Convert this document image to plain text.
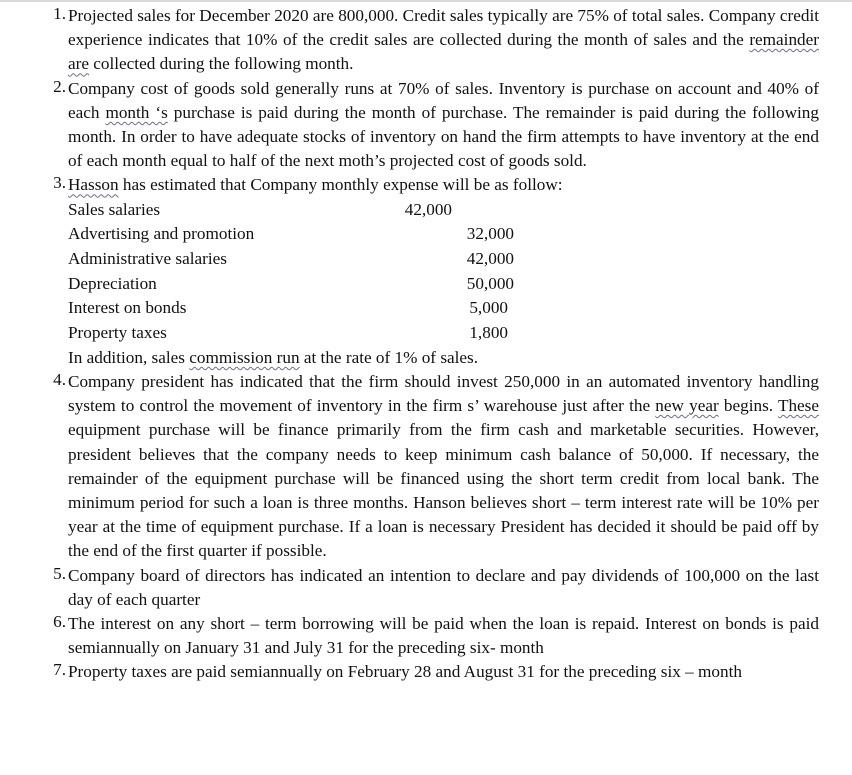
1. Projected sales for December 2020 are 800,000. Credit sales typically are 75% of total sales. Company credit experience indicates that 10% of the credit sales are collected during the month of sales and the remainder are collected during the following month.

2. Company cost of goods sold generally runs at 70% of sales. Inventory is purchase on account and 40% of each month ‘s purchase is paid during the month of purchase. The remainder is paid during the following month. In order to have adequate stocks of inventory on hand the firm attempts to have inventory at the end of each month equal to half of the next moth’s projected cost of goods sold.

3. Hasson has estimated that Company monthly expense will be as follow:

Sales salaries	42,000
Advertising and promotion	32,000
Administrative salaries	42,000
Depreciation	50,000
Interest on bonds	5,000
Property taxes	1,800

In addition, sales commission run at the rate of 1% of sales.

4. Company president has indicated that the firm should invest 250,000 in an automated inventory handling system to control the movement of inventory in the firm s’ warehouse just after the new year begins. These equipment purchase will be finance primarily from the firm cash and marketable securities. However, president believes that the company needs to keep minimum cash balance of 50,000. If necessary, the remainder of the equipment purchase will be financed using the short term credit from local bank. The minimum period for such a loan is three months. Hanson believes short – term interest rate will be 10% per year at the time of equipment purchase. If a loan is necessary President has decided it should be paid off by the end of the first quarter if possible.

5. Company board of directors has indicated an intention to declare and pay dividends of 100,000 on the last day of each quarter

6. The interest on any short – term borrowing will be paid when the loan is repaid. Interest on bonds is paid semiannually on January 31 and July 31 for the preceding six- month

7. Property taxes are paid semiannually on February 28 and August 31 for the preceding six – month
